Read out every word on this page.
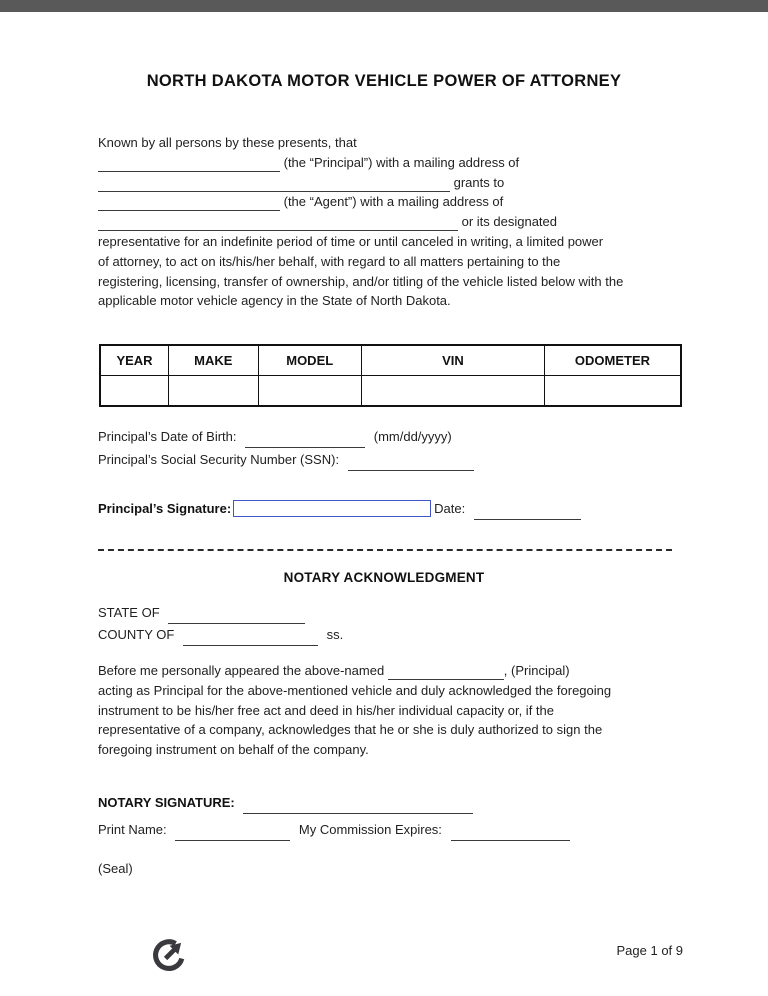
NORTH DAKOTA MOTOR VEHICLE POWER OF ATTORNEY
Known by all persons by these presents, that
(the “Principal”) with a mailing address of
grants to
(the “Agent”) with a mailing address of
or its designated
representative for an indefinite period of time or until canceled in writing, a limited power
of attorney, to act on its/his/her behalf, with regard to all matters pertaining to the
registering, licensing, transfer of ownership, and/or titling of the vehicle listed below with the
applicable motor vehicle agency in the State of North Dakota.
YEAR	MAKE	MODEL	VIN	ODOMETER

Principal’s Date of Birth:	(mm/dd/yyyy)
Principal’s Social Security Number (SSN):
Principal’s Signature:	Date:
NOTARY ACKNOWLEDGMENT
STATE OF
COUNTY OF	ss.
Before me personally appeared the above-named	, (Principal)
acting as Principal for the above-mentioned vehicle and duly acknowledged the foregoing
instrument to be his/her free act and deed in his/her individual capacity or, if the
representative of a company, acknowledges that he or she is duly authorized to sign the
foregoing instrument on behalf of the company.
NOTARY SIGNATURE:
Print Name:	My Commission Expires:
(Seal)
Page 1 of 9
